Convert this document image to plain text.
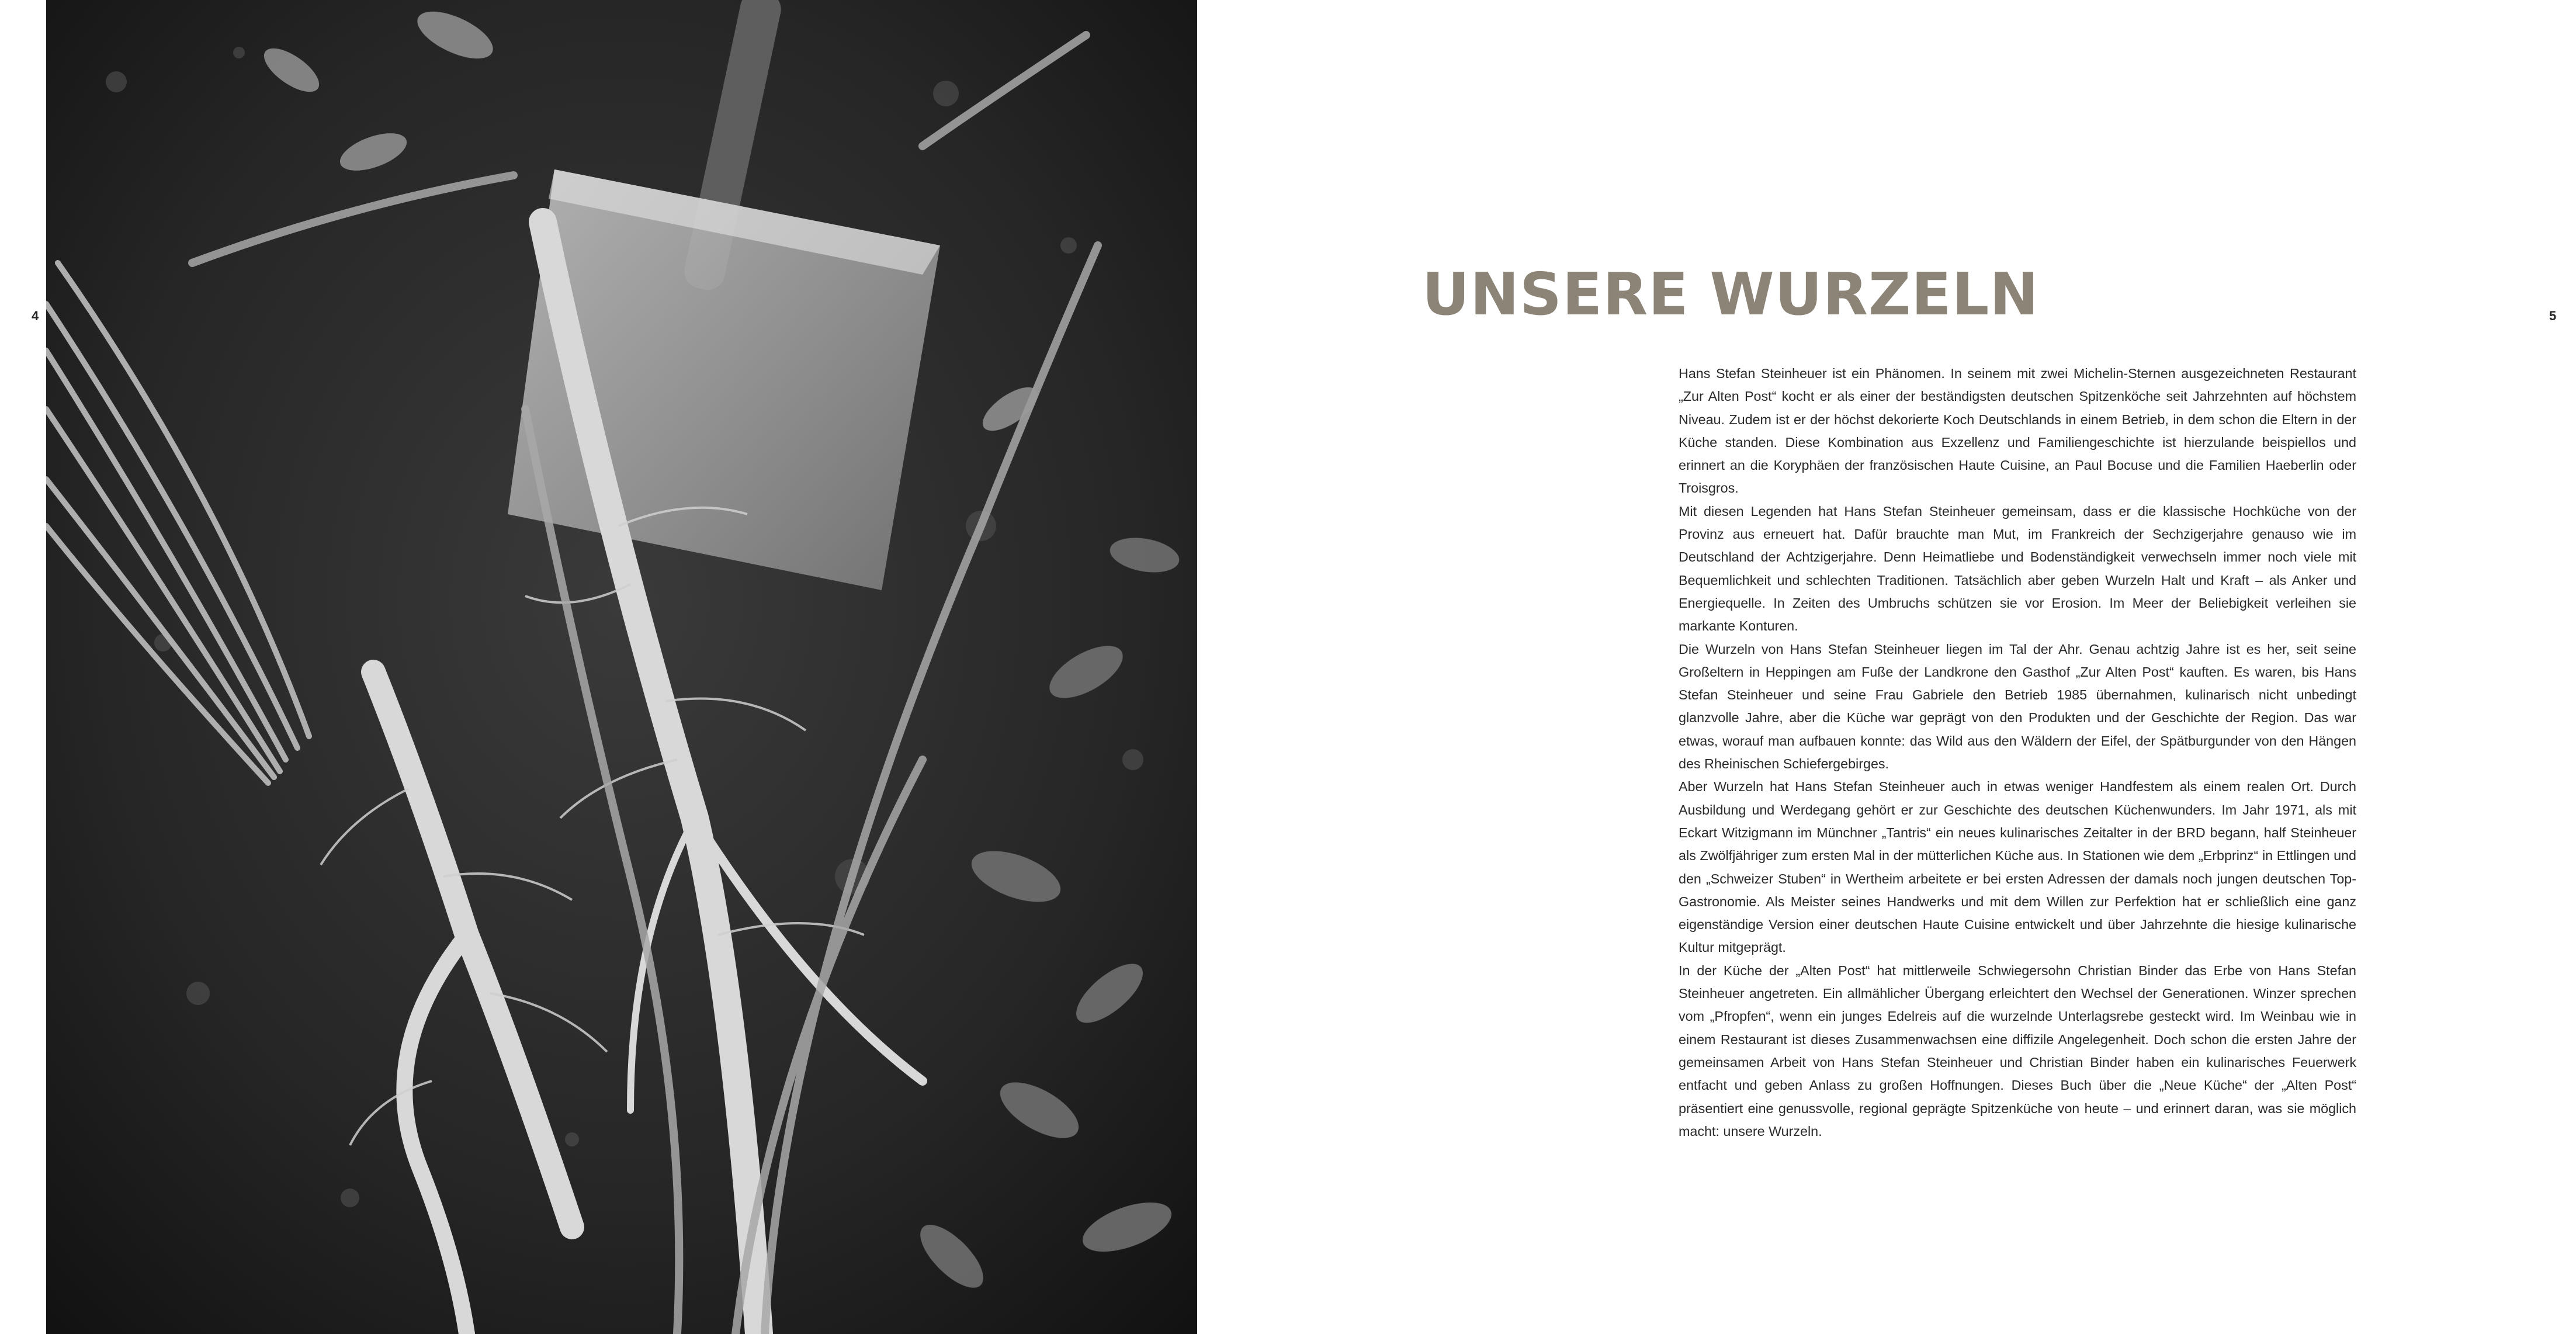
4	5
UNSERE WURZELN

Hans Stefan Steinheuer ist ein Phänomen. In seinem mit zwei Michelin-Sternen ausgezeichneten Restaurant „Zur Alten Post“ kocht er als einer der beständigsten deutschen Spitzenköche seit Jahrzehnten auf höchstem Niveau. Zudem ist er der höchst dekorierte Koch Deutschlands in einem Betrieb, in dem schon die Eltern in der Küche standen. Diese Kombination aus Exzellenz und Familiengeschichte ist hierzulande beispiellos und erinnert an die Koryphäen der französischen Haute Cuisine, an Paul Bocuse und die Familien Haeberlin oder Troisgros.

Mit diesen Legenden hat Hans Stefan Steinheuer gemeinsam, dass er die klassische Hochküche von der Provinz aus erneuert hat. Dafür brauchte man Mut, im Frankreich der Sechzigerjahre genauso wie im Deutschland der Achtzigerjahre. Denn Heimatliebe und Bodenständigkeit verwechseln immer noch viele mit Bequemlichkeit und schlechten Traditionen. Tatsächlich aber geben Wurzeln Halt und Kraft – als Anker und Energiequelle. In Zeiten des Umbruchs schützen sie vor Erosion. Im Meer der Beliebigkeit verleihen sie markante Konturen.

Die Wurzeln von Hans Stefan Steinheuer liegen im Tal der Ahr. Genau achtzig Jahre ist es her, seit seine Großeltern in Heppingen am Fuße der Landkrone den Gasthof „Zur Alten Post“ kauften. Es waren, bis Hans Stefan Steinheuer und seine Frau Gabriele den Betrieb 1985 übernahmen, kulinarisch nicht unbedingt glanzvolle Jahre, aber die Küche war geprägt von den Produkten und der Geschichte der Region. Das war etwas, worauf man aufbauen konnte: das Wild aus den Wäldern der Eifel, der Spätburgunder von den Hängen des Rheinischen Schiefergebirges.

Aber Wurzeln hat Hans Stefan Steinheuer auch in etwas weniger Handfestem als einem realen Ort. Durch Ausbildung und Werdegang gehört er zur Geschichte des deutschen Küchenwunders. Im Jahr 1971, als mit Eckart Witzigmann im Münchner „Tantris“ ein neues kulinarisches Zeitalter in der BRD begann, half Steinheuer als Zwölfjähriger zum ersten Mal in der mütterlichen Küche aus. In Stationen wie dem „Erbprinz“ in Ettlingen und den „Schweizer Stuben“ in Wertheim arbeitete er bei ersten Adressen der damals noch jungen deutschen Top-Gastronomie. Als Meister seines Handwerks und mit dem Willen zur Perfektion hat er schließlich eine ganz eigenständige Version einer deutschen Haute Cuisine entwickelt und über Jahrzehnte die hiesige kulinarische Kultur mitgeprägt.

In der Küche der „Alten Post“ hat mittlerweile Schwiegersohn Christian Binder das Erbe von Hans Stefan Steinheuer angetreten. Ein allmählicher Übergang erleichtert den Wechsel der Generationen. Winzer sprechen vom „Pfropfen“, wenn ein junges Edelreis auf die wurzelnde Unterlagsrebe gesteckt wird. Im Weinbau wie in einem Restaurant ist dieses Zusammenwachsen eine diffizile Angelegenheit. Doch schon die ersten Jahre der gemeinsamen Arbeit von Hans Stefan Steinheuer und Christian Binder haben ein kulinarisches Feuerwerk entfacht und geben Anlass zu großen Hoffnungen. Dieses Buch über die „Neue Küche“ der „Alten Post“ präsentiert eine genussvolle, regional geprägte Spitzenküche von heute – und erinnert daran, was sie möglich macht: unsere Wurzeln.
